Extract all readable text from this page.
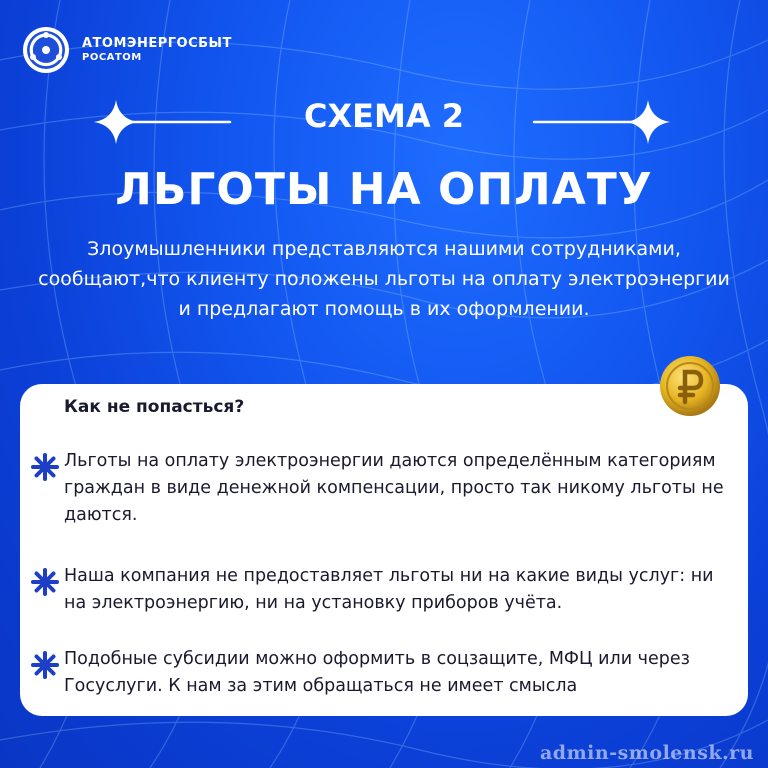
АТОМЭНЕРГОСБЫТ
РОСАТОМ
СХЕМА 2
ЛЬГОТЫ НА ОПЛАТУ
Злоумышленники представляются нашими сотрудниками, сообщают,что клиенту положены льготы на оплату электроэнергии и предлагают помощь в их оформлении.
Как не попасться?
Льготы на оплату электроэнергии даются определённым категориям граждан в виде денежной компенсации, просто так никому льготы не даются.
Наша компания не предоставляет льготы ни на какие виды услуг: ни на электроэнергию, ни на установку приборов учёта.
Подобные субсидии можно оформить в соцзащите, МФЦ или через Госуслуги. К нам за этим обращаться не имеет смысла
admin-smolensk.ru
